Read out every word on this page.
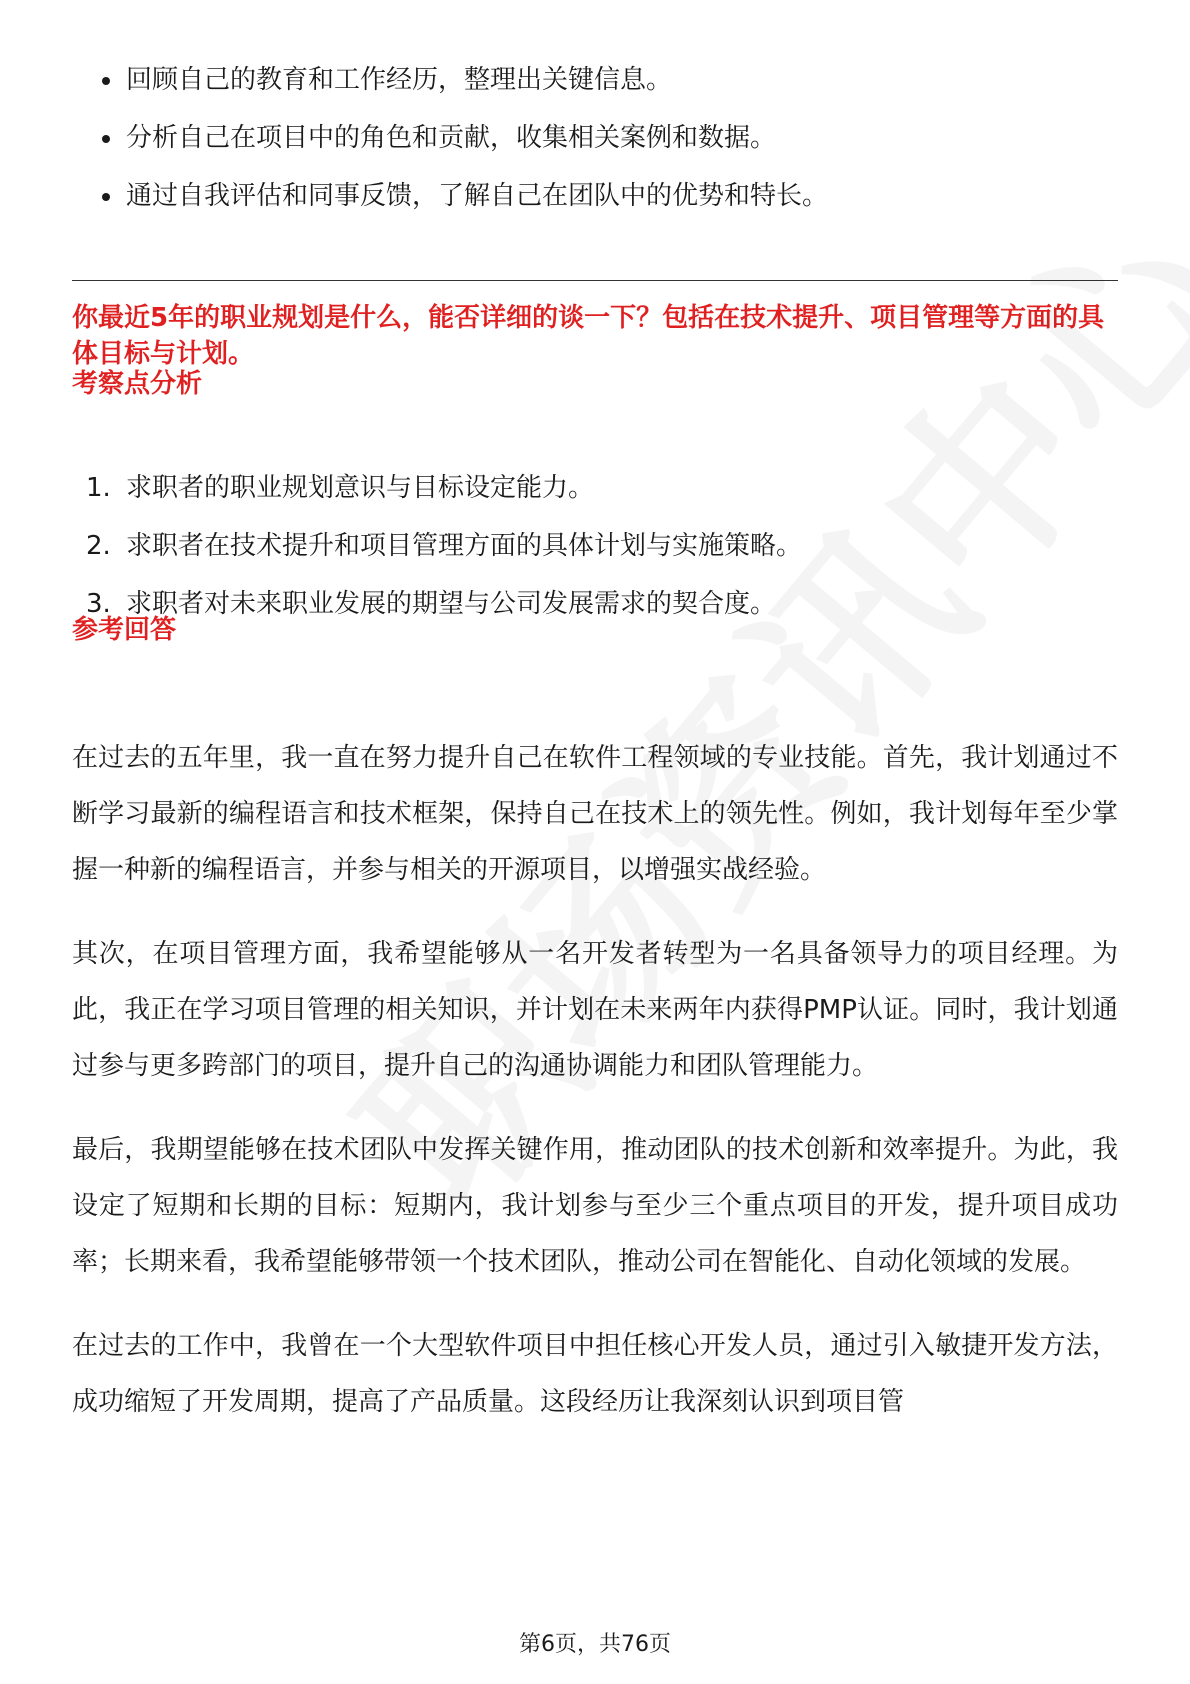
回顾自己的教育和工作经历，整理出关键信息。
分析自己在项目中的角色和贡献，收集相关案例和数据。
通过自我评估和同事反馈，了解自己在团队中的优势和特长。

你最近5年的职业规划是什么，能否详细的谈一下？包括在技术提升、项目管理等方面的具体目标与计划。

考察点分析
1. 求职者的职业规划意识与目标设定能力。
2. 求职者在技术提升和项目管理方面的具体计划与实施策略。
3. 求职者对未来职业发展的期望与公司发展需求的契合度。
参考回答

在过去的五年里，我一直在努力提升自己在软件工程领域的专业技能。首先，我计划通过不断学习最新的编程语言和技术框架，保持自己在技术上的领先性。例如，我计划每年至少掌握一种新的编程语言，并参与相关的开源项目，以增强实战经验。

其次，在项目管理方面，我希望能够从一名开发者转型为一名具备领导力的项目经理。为此，我正在学习项目管理的相关知识，并计划在未来两年内获得PMP认证。同时，我计划通过参与更多跨部门的项目，提升自己的沟通协调能力和团队管理能力。

最后，我期望能够在技术团队中发挥关键作用，推动团队的技术创新和效率提升。为此，我设定了短期和长期的目标：短期内，我计划参与至少三个重点项目的开发，提升项目成功率；长期来看，我希望能够带领一个技术团队，推动公司在智能化、自动化领域的发展。

在过去的工作中，我曾在一个大型软件项目中担任核心开发人员，通过引入敏捷开发方法，成功缩短了开发周期，提高了产品质量。这段经历让我深刻认识到项目管

第6页，共76页
